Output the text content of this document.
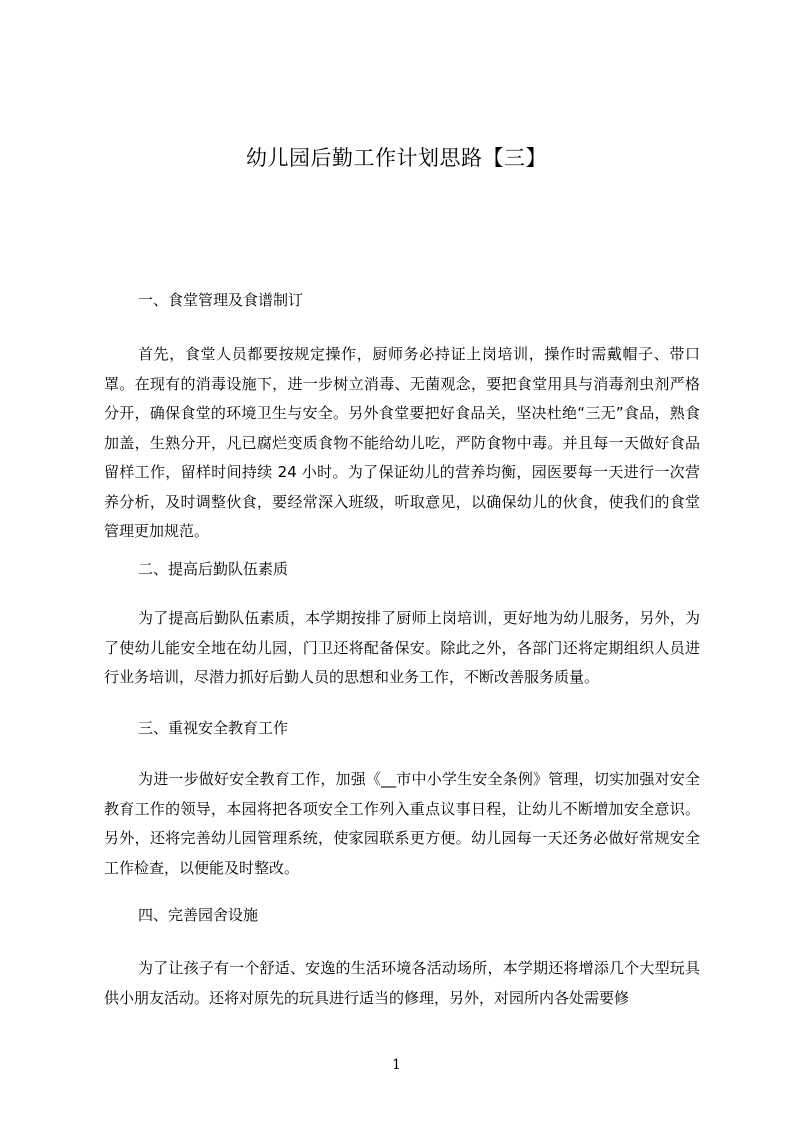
幼儿园后勤工作计划思路【三】
一、食堂管理及食谱制订
首先，食堂人员都要按规定操作，厨师务必持证上岗培训，操作时需戴帽子、带口罩。在现有的消毒设施下，进一步树立消毒、无菌观念，要把食堂用具与消毒剂虫剂严格分开，确保食堂的环境卫生与安全。另外食堂要把好食品关，坚决杜绝“三无”食品，熟食加盖，生熟分开，凡已腐烂变质食物不能给幼儿吃，严防食物中毒。并且每一天做好食品留样工作，留样时间持续 24 小时。为了保证幼儿的营养均衡，园医要每一天进行一次营养分析，及时调整伙食，要经常深入班级，听取意见，以确保幼儿的伙食，使我们的食堂管理更加规范。
二、提高后勤队伍素质
为了提高后勤队伍素质，本学期按排了厨师上岗培训，更好地为幼儿服务，另外，为了使幼儿能安全地在幼儿园，门卫还将配备保安。除此之外，各部门还将定期组织人员进行业务培训，尽潜力抓好后勤人员的思想和业务工作，不断改善服务质量。
三、重视安全教育工作
为进一步做好安全教育工作，加强《__市中小学生安全条例》管理，切实加强对安全教育工作的领导，本园将把各项安全工作列入重点议事日程，让幼儿不断增加安全意识。另外，还将完善幼儿园管理系统，使家园联系更方便。幼儿园每一天还务必做好常规安全工作检查，以便能及时整改。
四、完善园舍设施
为了让孩子有一个舒适、安逸的生活环境各活动场所，本学期还将增添几个大型玩具供小朋友活动。还将对原先的玩具进行适当的修理，另外，对园所内各处需要修
1
